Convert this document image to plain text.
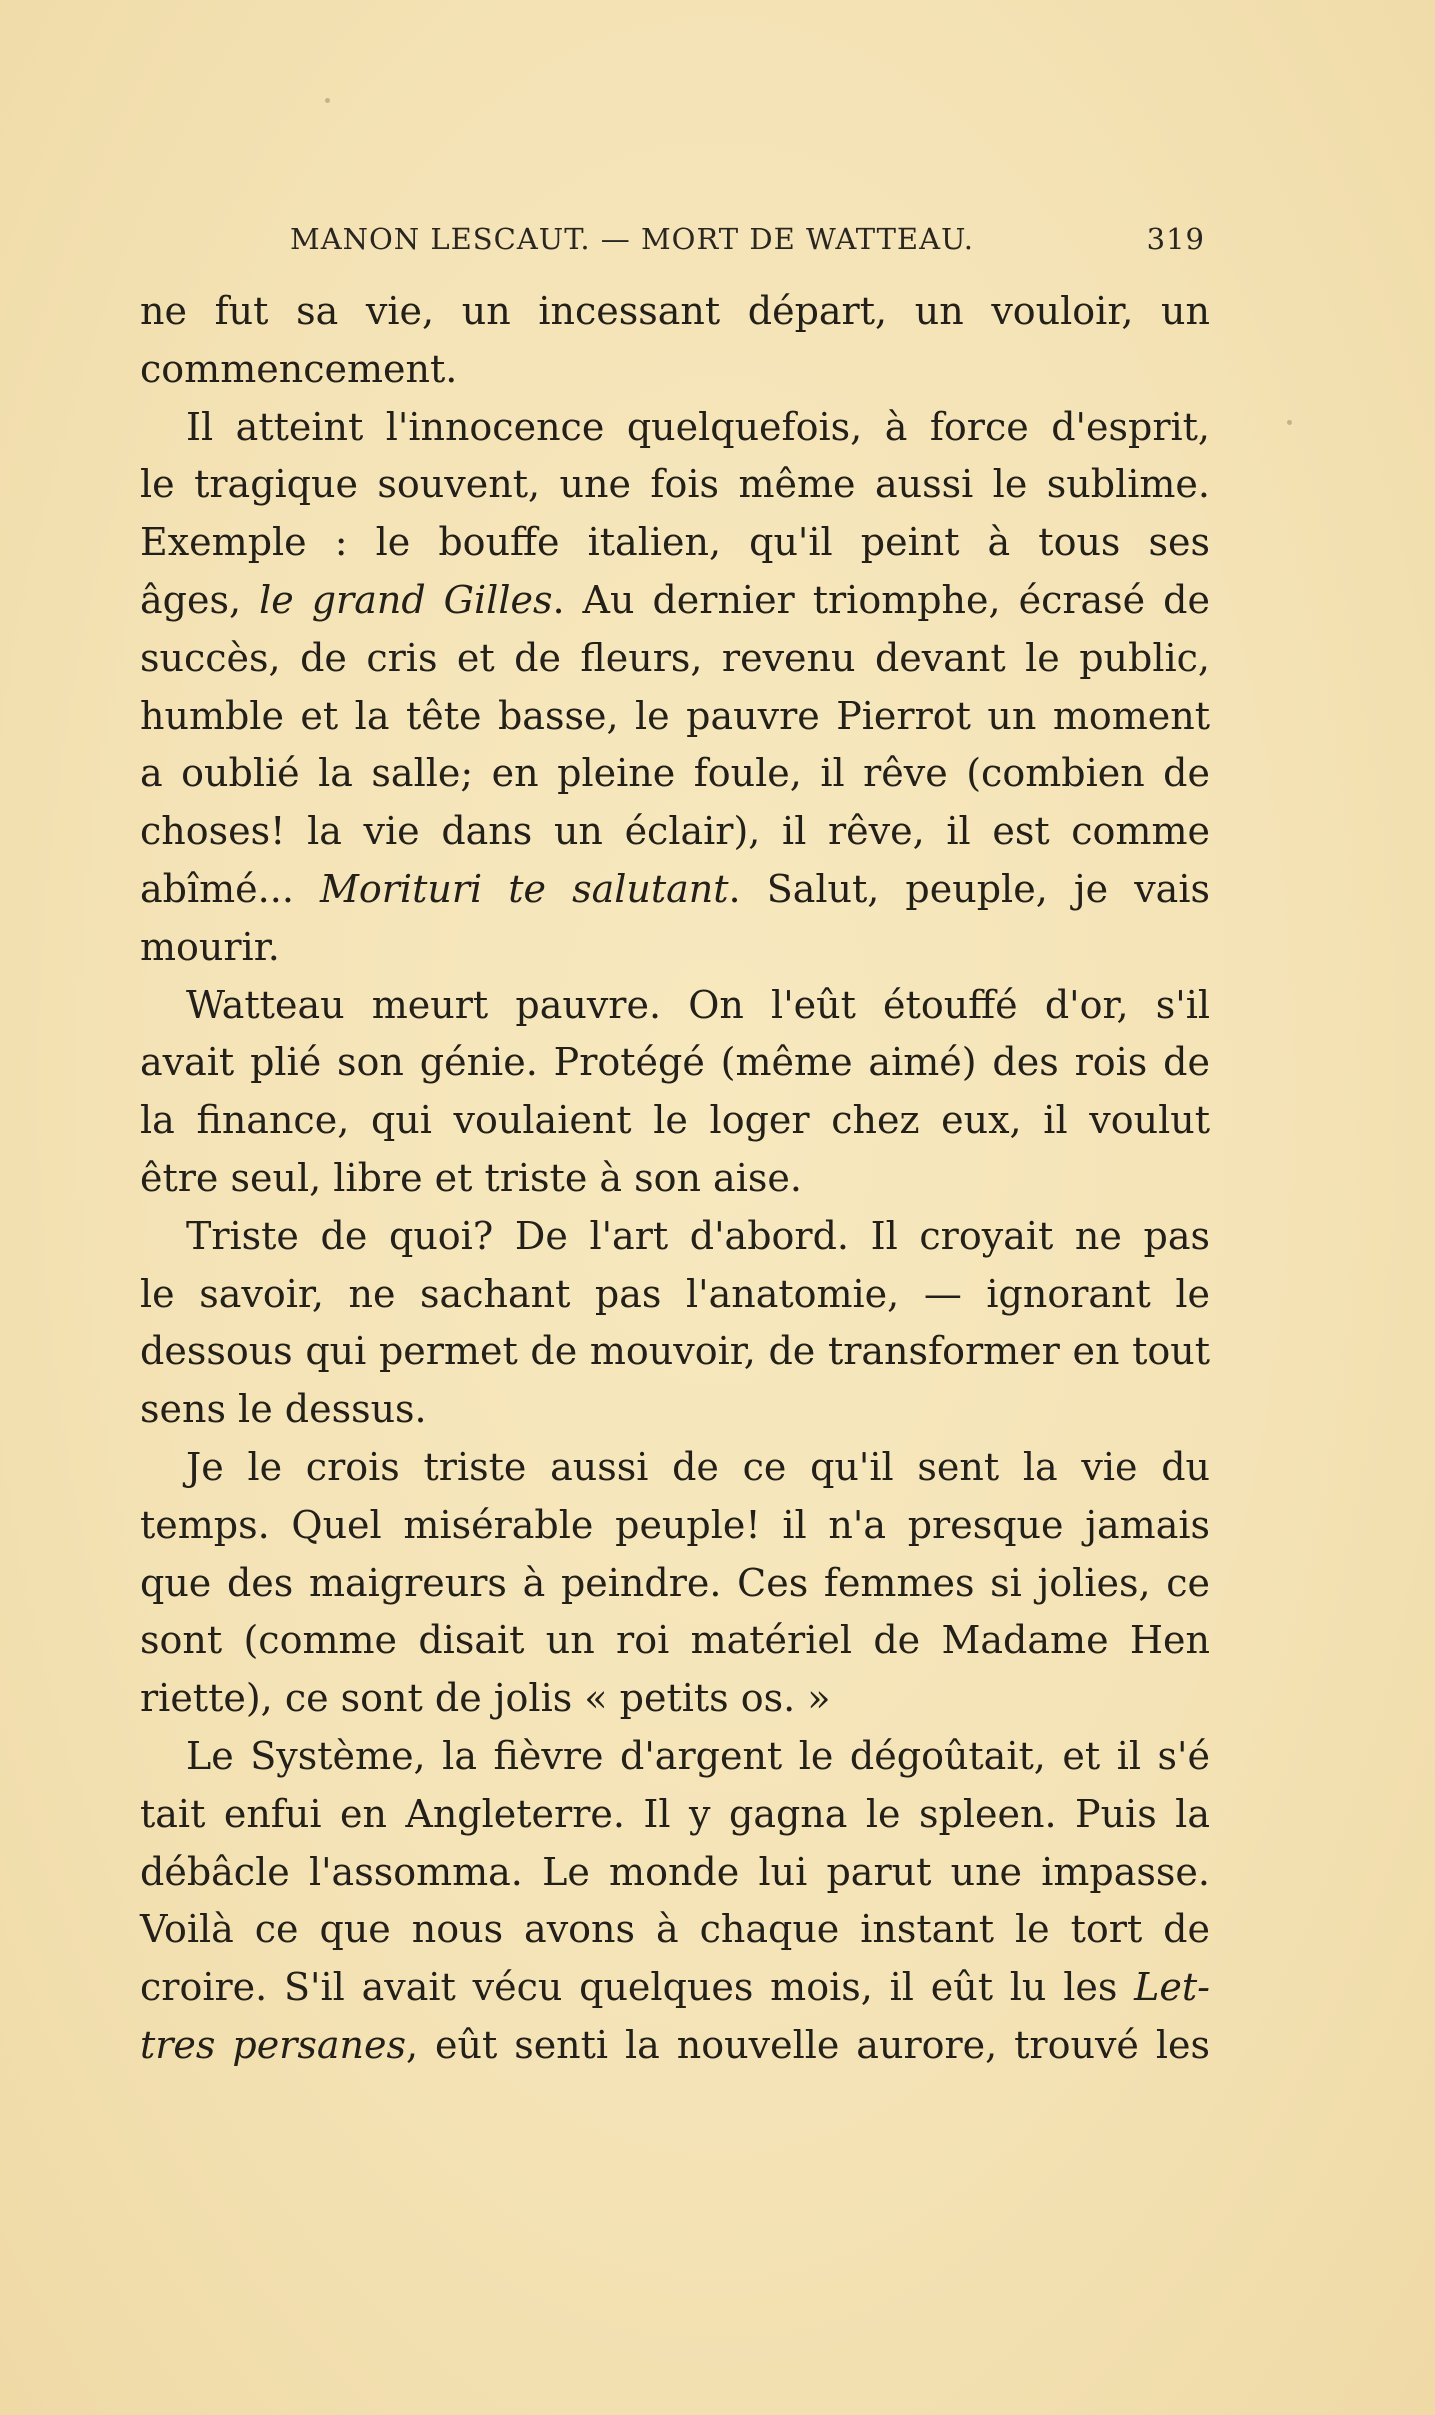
MANON LESCAUT. — MORT DE WATTEAU.	319
ne fut sa vie, un incessant départ, un vouloir, un
commencement.
Il atteint l'innocence quelquefois, à force d'esprit,
le tragique souvent, une fois même aussi le sublime.
Exemple : le bouffe italien, qu'il peint à tous ses
âges, le grand Gilles. Au dernier triomphe, écrasé de
succès, de cris et de fleurs, revenu devant le public,
humble et la tête basse, le pauvre Pierrot un moment
a oublié la salle; en pleine foule, il rêve (combien de
choses! la vie dans un éclair), il rêve, il est comme
abîmé... Morituri te salutant. Salut, peuple, je vais
mourir.
Watteau meurt pauvre. On l'eût étouffé d'or, s'il
avait plié son génie. Protégé (même aimé) des rois de
la finance, qui voulaient le loger chez eux, il voulut
être seul, libre et triste à son aise.
Triste de quoi? De l'art d'abord. Il croyait ne pas
le savoir, ne sachant pas l'anatomie, — ignorant le
dessous qui permet de mouvoir, de transformer en tout
sens le dessus.
Je le crois triste aussi de ce qu'il sent la vie du
temps. Quel misérable peuple! il n'a presque jamais
que des maigreurs à peindre. Ces femmes si jolies, ce
sont (comme disait un roi matériel de Madame Hen
riette), ce sont de jolis « petits os. »
Le Système, la fièvre d'argent le dégoûtait, et il s'é
tait enfui en Angleterre. Il y gagna le spleen. Puis la
débâcle l'assomma. Le monde lui parut une impasse.
Voilà ce que nous avons à chaque instant le tort de
croire. S'il avait vécu quelques mois, il eût lu les Let-
tres persanes, eût senti la nouvelle aurore, trouvé les
